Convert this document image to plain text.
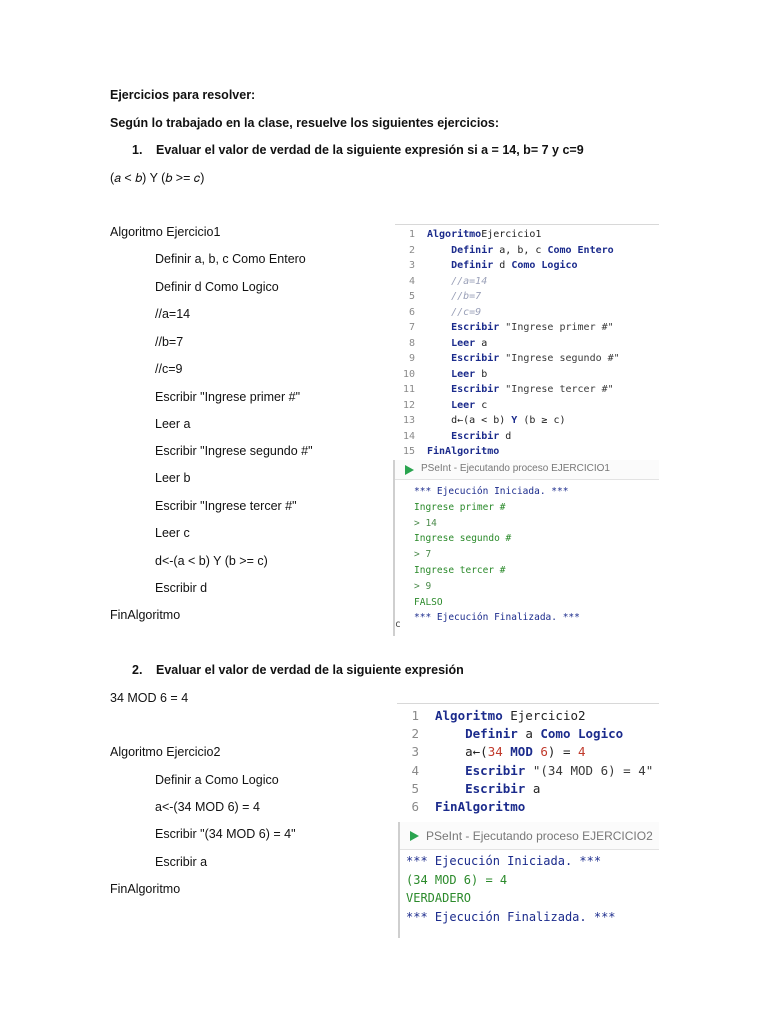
Ejercicios para resolver:
Según lo trabajado en la clase, resuelve los siguientes ejercicios:
1. Evaluar el valor de verdad de la siguiente expresión si a = 14, b= 7 y c=9
(𝑎 < 𝑏) Y (𝑏 >= 𝑐)
Algoritmo Ejercicio1
Definir a, b, c Como Entero
Definir d Como Logico
//a=14
//b=7
//c=9
Escribir "Ingrese primer #"
Leer a
Escribir "Ingrese segundo #"
Leer b
Escribir "Ingrese tercer #"
Leer c
d<-(a < b) Y (b >= c)
Escribir d
FinAlgoritmo
2. Evaluar el valor de verdad de la siguiente expresión
34 MOD 6 = 4
Algoritmo Ejercicio2
Definir a Como Logico
a<-(34 MOD 6) = 4
Escribir "(34 MOD 6) = 4"
Escribir a
FinAlgoritmo
1 AlgoritmoEjercicio1
2	Definir a, b, c Como Entero
3	Definir d Como Logico
4	//a=14
5	//b=7
6	//c=9
7	Escribir "Ingrese primer #"
8	Leer a
9	Escribir "Ingrese segundo #"
10	Leer b
11	Escribir "Ingrese tercer #"
12	Leer c
13 d←(a < b) Y (b ≥ c)
14	Escribir d
15 FinAlgoritmo
PSeInt - Ejecutando proceso EJERCICIO1
*** Ejecución Iniciada. ***
Ingrese primer #
> 14
Ingrese segundo #
> 7
Ingrese tercer #
> 9
FALSO
*** Ejecución Finalizada. ***
c
1 Algoritmo Ejercicio2
2	Definir a Como Logico
3 a←(34 MOD 6) = 4
4	Escribir "(34 MOD 6) = 4"
5	Escribir a
6 FinAlgoritmo
PSeInt - Ejecutando proceso EJERCICIO2
*** Ejecución Iniciada. ***
(34 MOD 6) = 4
VERDADERO
*** Ejecución Finalizada. ***
